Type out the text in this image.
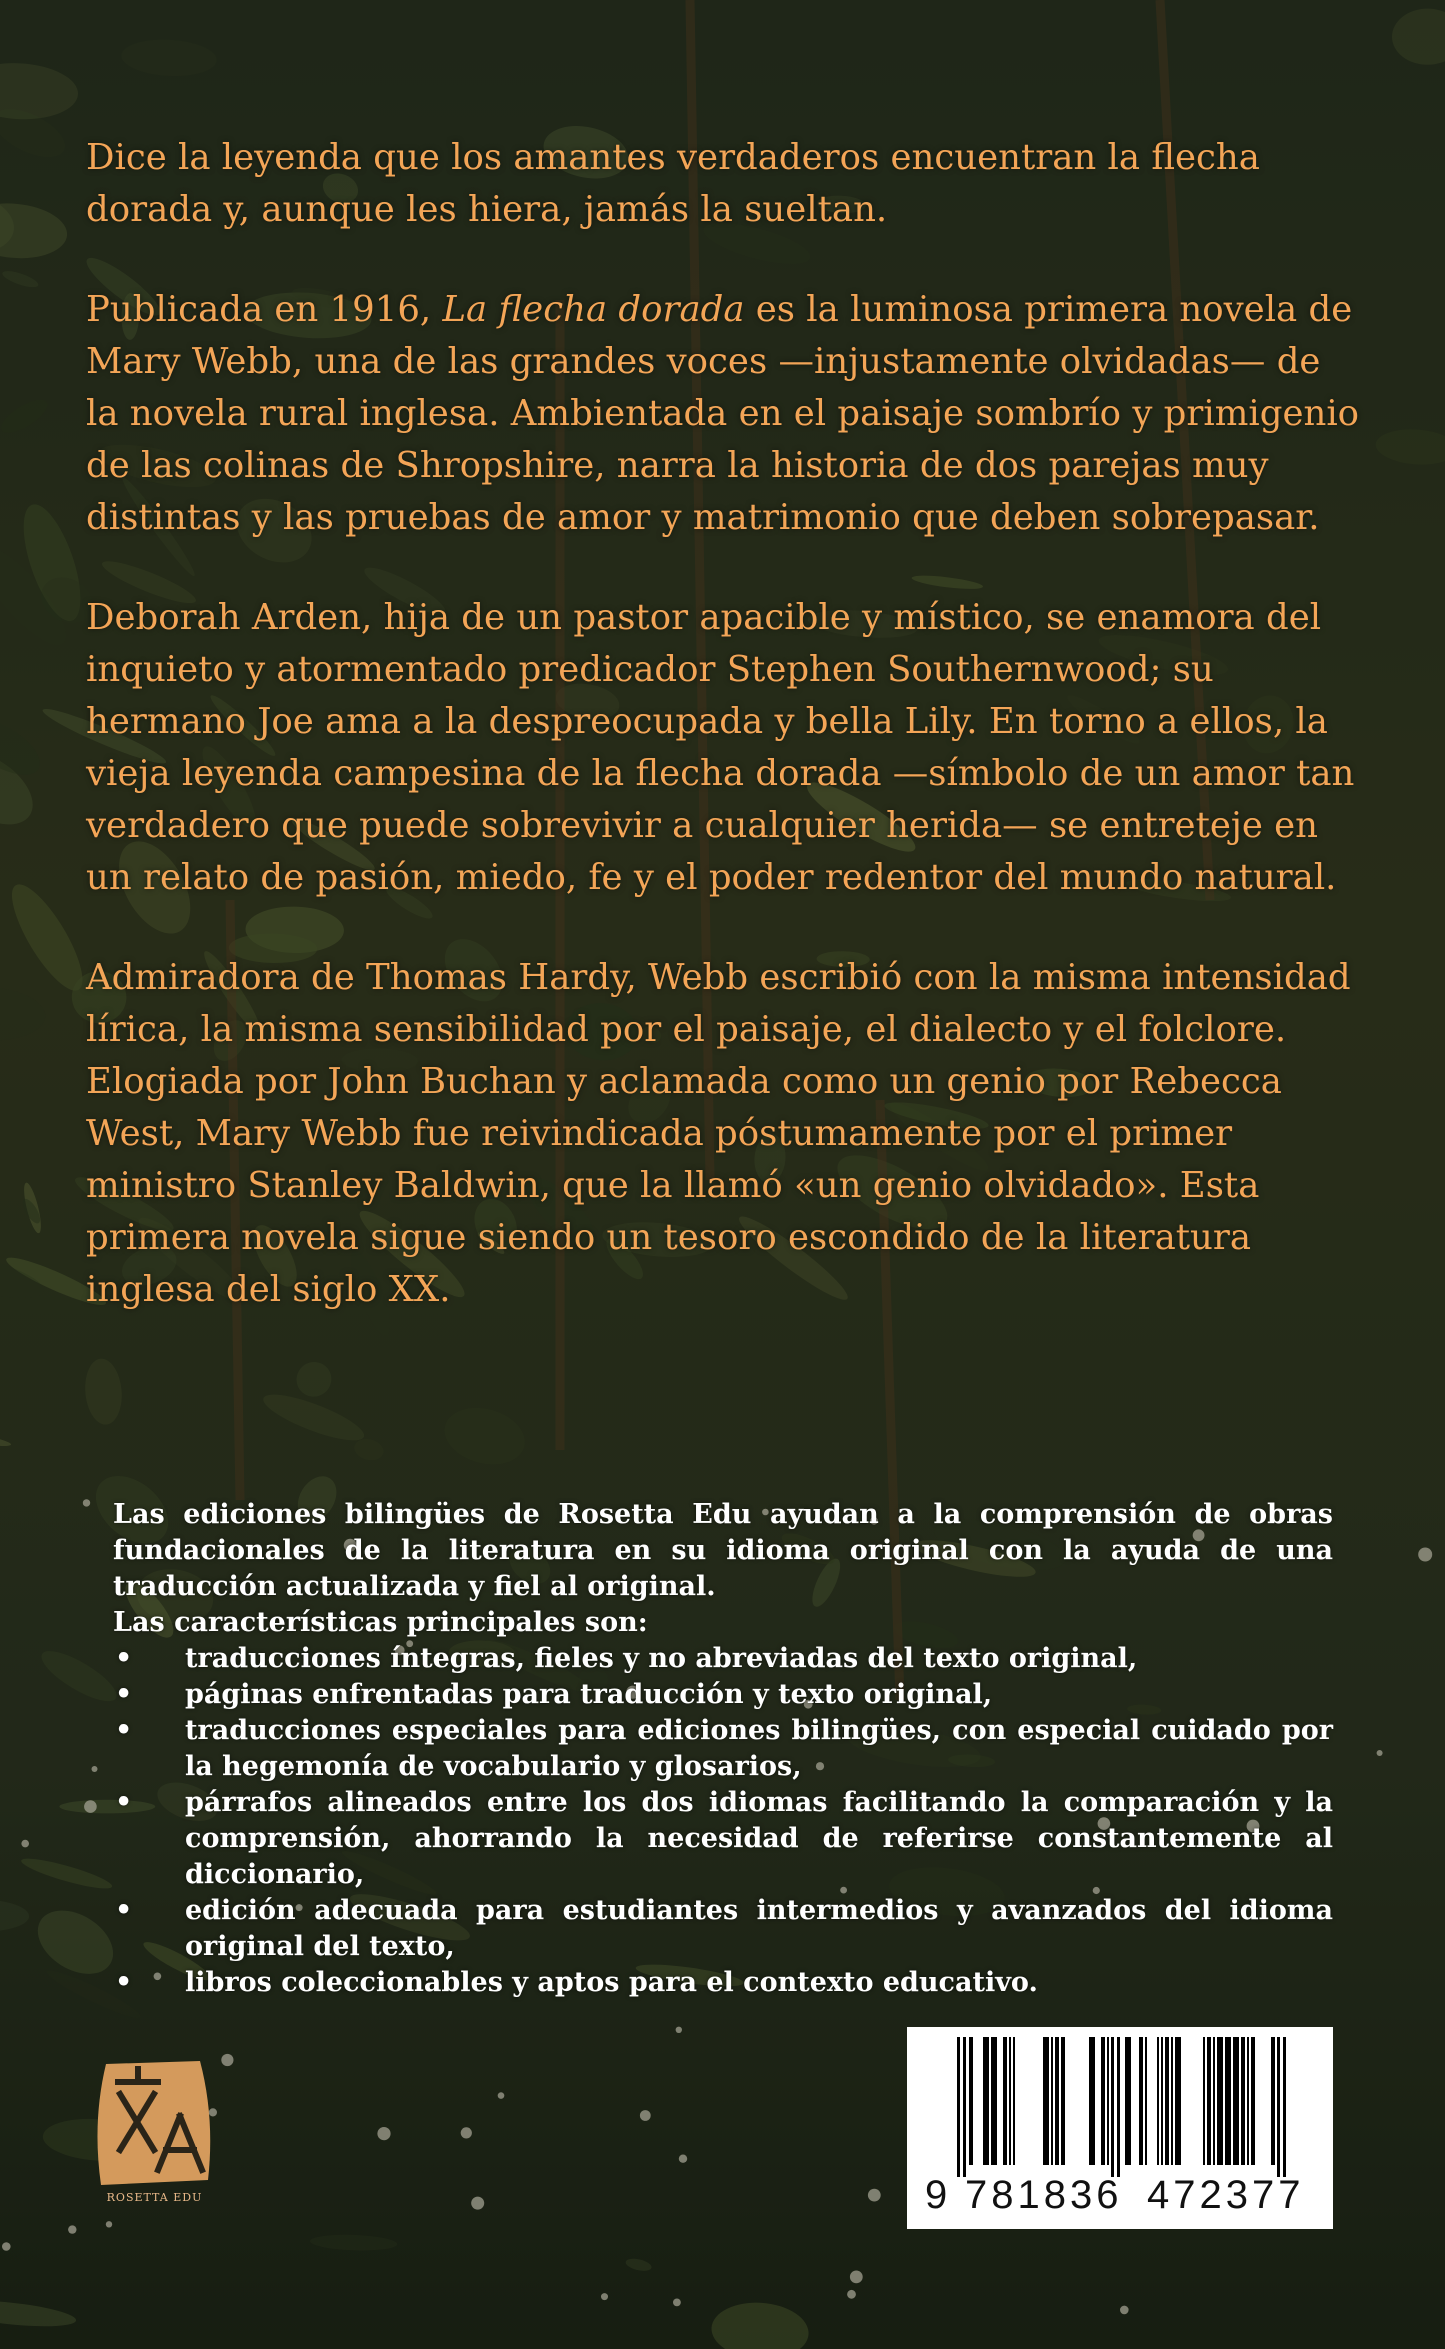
Dice la leyenda que los amantes verdaderos encuentran la flecha dorada y, aunque les hiera, jamás la sueltan.

Publicada en 1916, La flecha dorada es la luminosa primera novela de Mary Webb, una de las grandes voces —injustamente olvidadas— de la novela rural inglesa. Ambientada en el paisaje sombrío y primigenio de las colinas de Shropshire, narra la historia de dos parejas muy distintas y las pruebas de amor y matrimonio que deben sobrepasar.

Deborah Arden, hija de un pastor apacible y místico, se enamora del inquieto y atormentado predicador Stephen Southernwood; su hermano Joe ama a la despreocupada y bella Lily. En torno a ellos, la vieja leyenda campesina de la flecha dorada —símbolo de un amor tan verdadero que puede sobrevivir a cualquier herida— se entreteje en un relato de pasión, miedo, fe y el poder redentor del mundo natural.

Admiradora de Thomas Hardy, Webb escribió con la misma intensidad lírica, la misma sensibilidad por el paisaje, el dialecto y el folclore. Elogiada por John Buchan y aclamada como un genio por Rebecca West, Mary Webb fue reivindicada póstumamente por el primer ministro Stanley Baldwin, que la llamó «un genio olvidado». Esta primera novela sigue siendo un tesoro escondido de la literatura inglesa del siglo XX.

Las ediciones bilingües de Rosetta Edu ayudan a la comprensión de obras fundacionales de la literatura en su idioma original con la ayuda de una traducción actualizada y fiel al original.

Las características principales son:

• traducciones íntegras, fieles y no abreviadas del texto original,
• páginas enfrentadas para traducción y texto original,
• traducciones especiales para ediciones bilingües, con especial cuidado por la hegemonía de vocabulario y glosarios,
• párrafos alineados entre los dos idiomas facilitando la comparación y la comprensión, ahorrando la necesidad de referirse constantemente al diccionario,
• edición adecuada para estudiantes intermedios y avanzados del idioma original del texto,
• libros coleccionables y aptos para el contexto educativo.
ROSETTA EDU	9 781836 472377
